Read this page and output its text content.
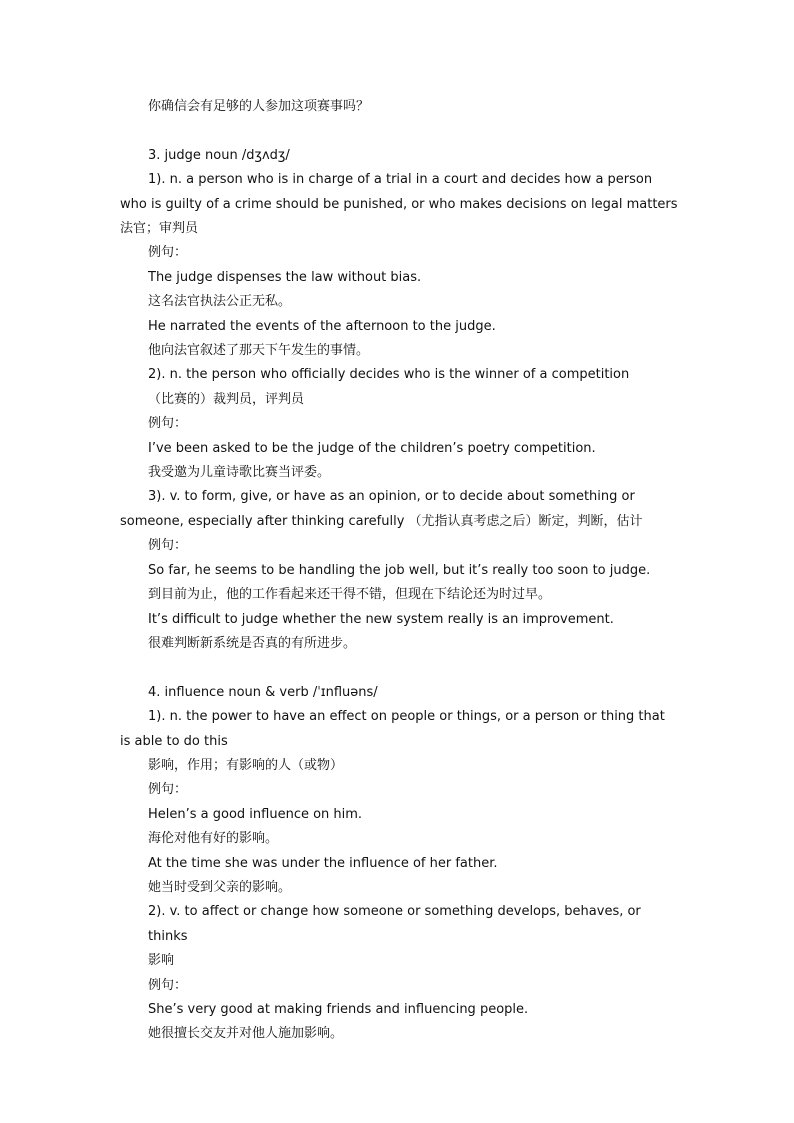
你确信会有足够的人参加这项赛事吗？

3. judge noun /dʒʌdʒ/

1). n. a person who is in charge of a trial in a court and decides how a person who is guilty of a crime should be punished, or who makes decisions on legal matters 法官；审判员

例句：

The judge dispenses the law without bias.

这名法官执法公正无私。

He narrated the events of the afternoon to the judge.

他向法官叙述了那天下午发生的事情。

2). n. the person who officially decides who is the winner of a competition

（比赛的）裁判员，评判员

例句：

I’ve been asked to be the judge of the children’s poetry competition.

我受邀为儿童诗歌比赛当评委。

3). v. to form, give, or have as an opinion, or to decide about something or someone, especially after thinking carefully （尤指认真考虑之后）断定，判断，估计

例句：

So far, he seems to be handling the job well, but it’s really too soon to judge.

到目前为止，他的工作看起来还干得不错，但现在下结论还为时过早。

It’s difficult to judge whether the new system really is an improvement.

很难判断新系统是否真的有所进步。

4. influence noun & verb /ˈɪnfluəns/

1). n. the power to have an effect on people or things, or a person or thing that is able to do this

影响，作用；有影响的人（或物）

例句：

Helen’s a good influence on him.

海伦对他有好的影响。

At the time she was under the influence of her father.

她当时受到父亲的影响。

2). v. to affect or change how someone or something develops, behaves, or thinks

影响

例句：

She’s very good at making friends and influencing people.

她很擅长交友并对他人施加影响。
